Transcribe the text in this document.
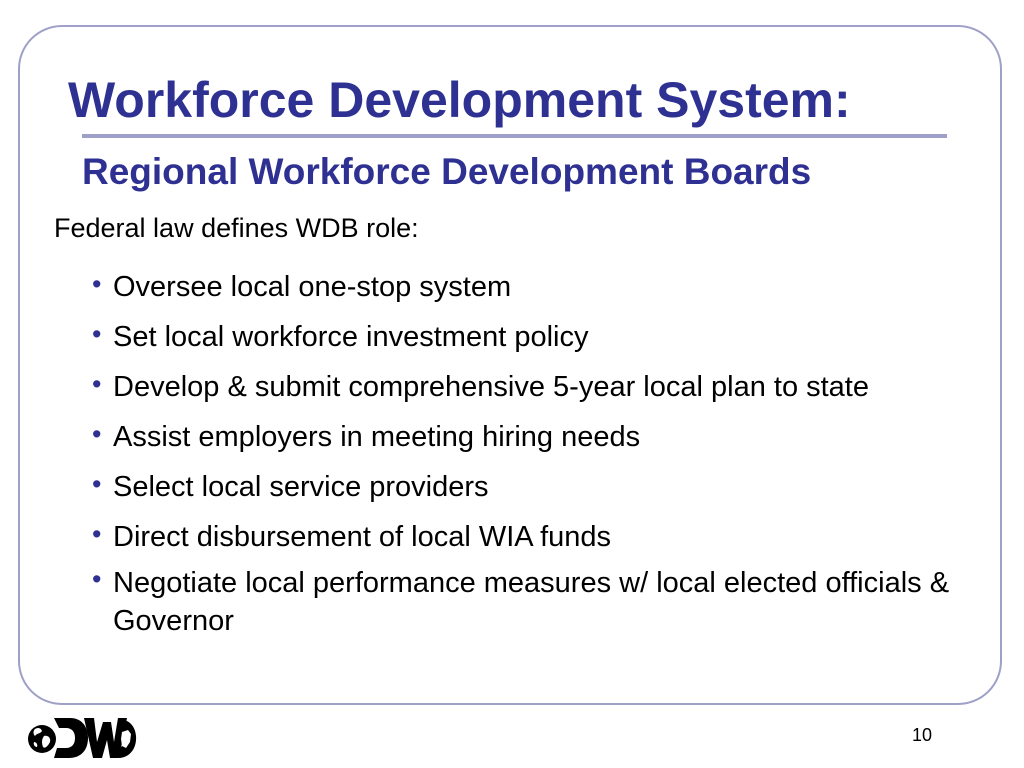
Workforce Development System:
Regional Workforce Development Boards
Federal law defines WDB role:
• Oversee local one-stop system
• Set local workforce investment policy
• Develop & submit comprehensive 5-year local plan to state
• Assist employers in meeting hiring needs
• Select local service providers
• Direct disbursement of local WIA funds
• Negotiate local performance measures w/ local elected officials & Governor
10
